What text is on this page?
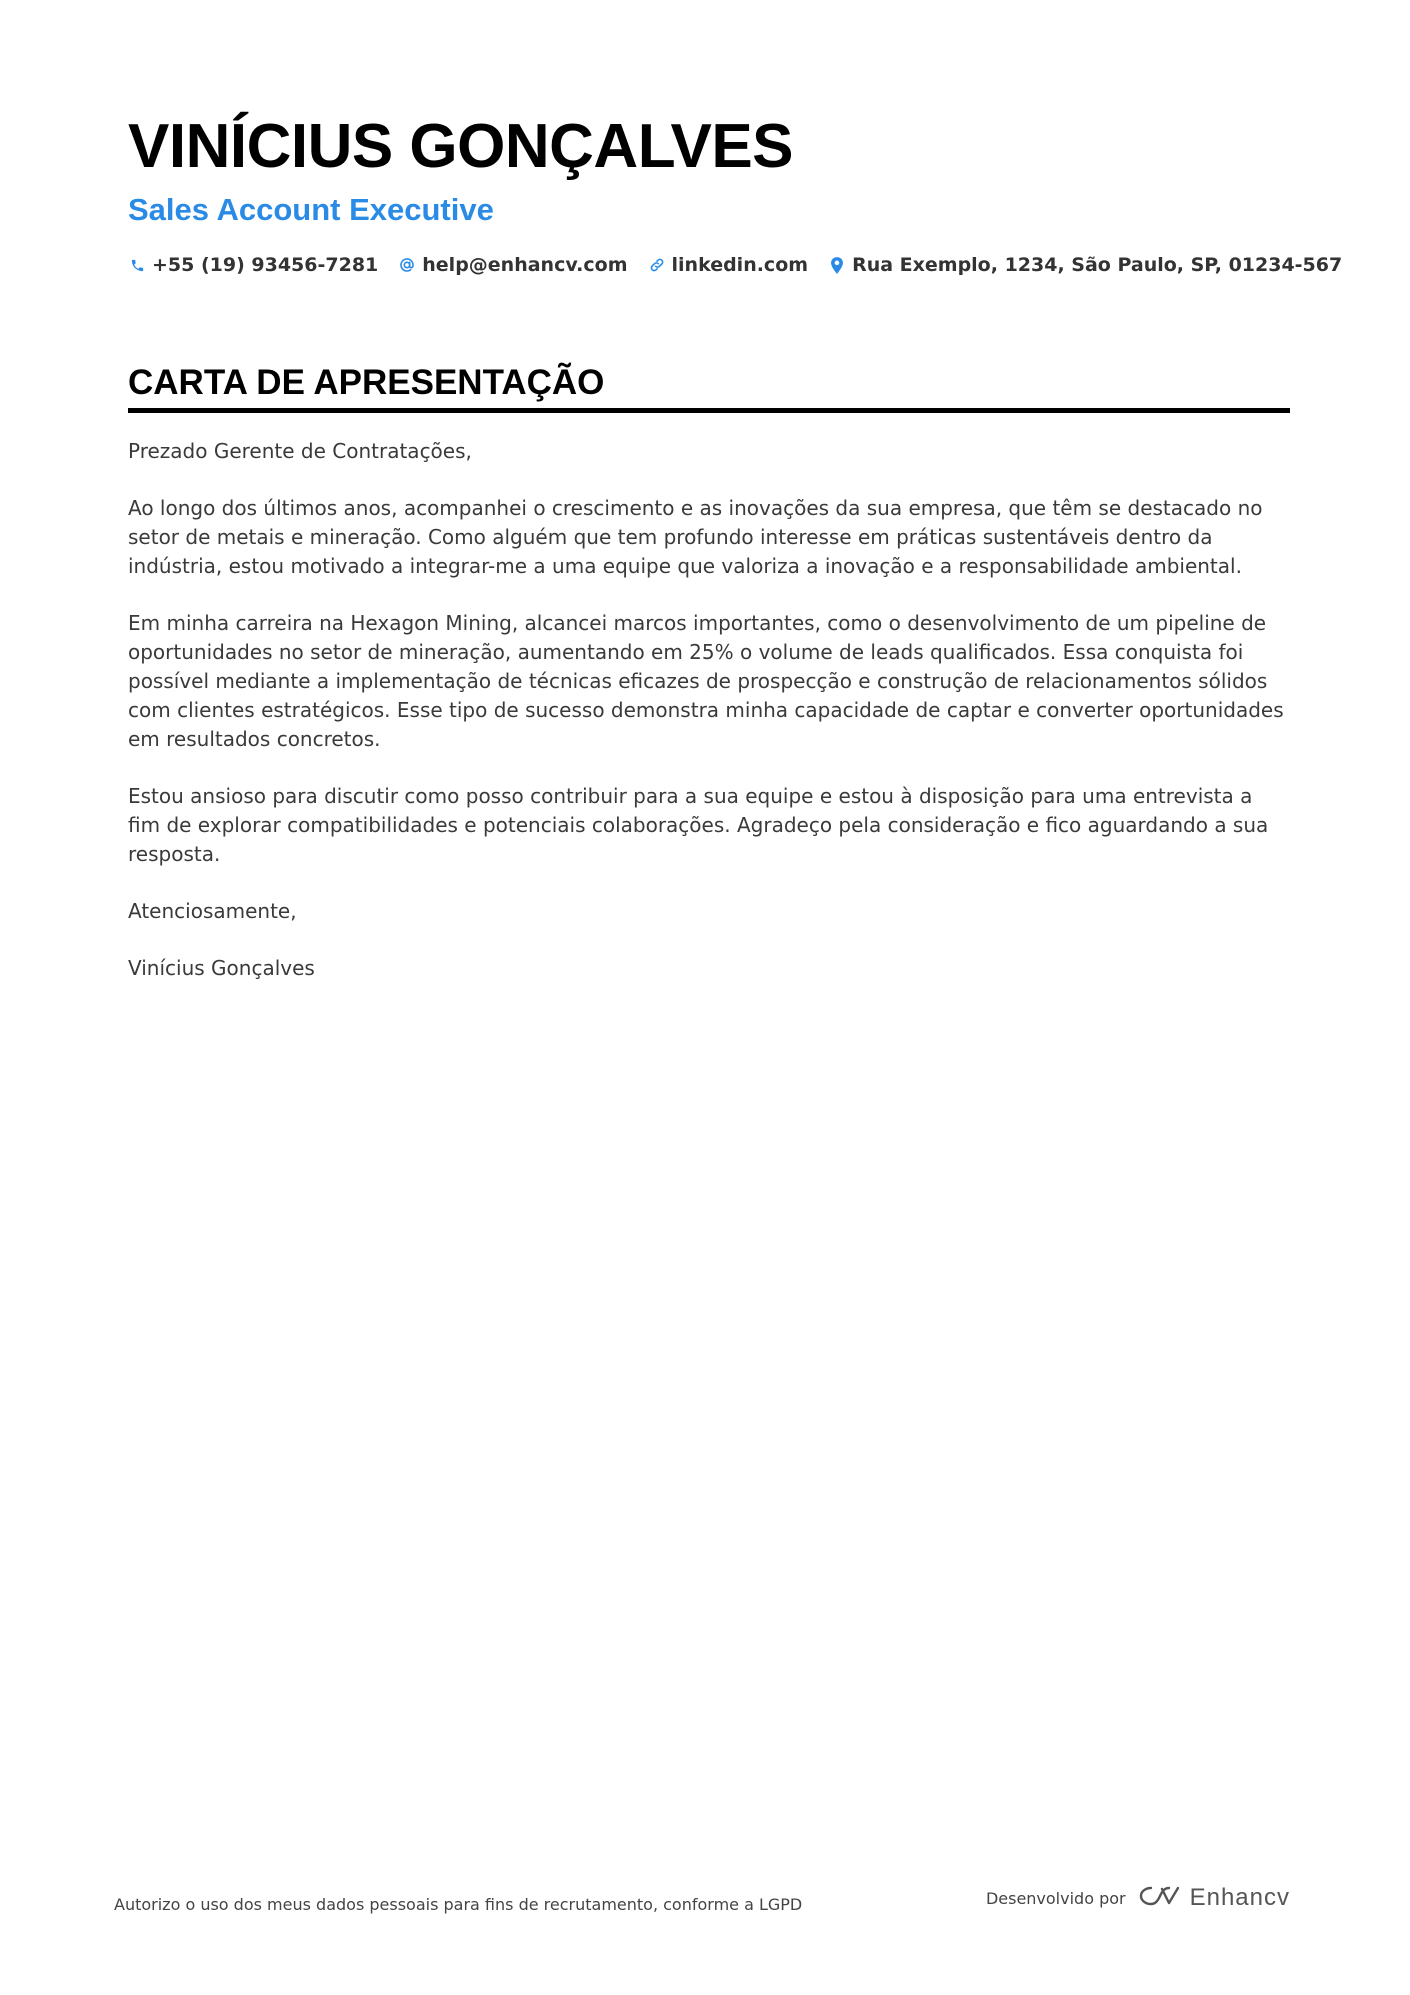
VINÍCIUS GONÇALVES
Sales Account Executive
+55 (19) 93456-7281 help@enhancv.com linkedin.com Rua Exemplo, 1234, São Paulo, SP, 01234-567
CARTA DE APRESENTAÇÃO

Prezado Gerente de Contratações,

Ao longo dos últimos anos, acompanhei o crescimento e as inovações da sua empresa, que têm se destacado no setor de metais e mineração. Como alguém que tem profundo interesse em práticas sustentáveis dentro da indústria, estou motivado a integrar-me a uma equipe que valoriza a inovação e a responsabilidade ambiental.

Em minha carreira na Hexagon Mining, alcancei marcos importantes, como o desenvolvimento de um pipeline de oportunidades no setor de mineração, aumentando em 25% o volume de leads qualificados. Essa conquista foi possível mediante a implementação de técnicas eficazes de prospecção e construção de relacionamentos sólidos com clientes estratégicos. Esse tipo de sucesso demonstra minha capacidade de captar e converter oportunidades em resultados concretos.

Estou ansioso para discutir como posso contribuir para a sua equipe e estou à disposição para uma entrevista a fim de explorar compatibilidades e potenciais colaborações. Agradeço pela consideração e fico aguardando a sua resposta.

Atenciosamente,

Vinícius Gonçalves

Autorizo o uso dos meus dados pessoais para fins de recrutamento, conforme a LGPD	Desenvolvido por	Enhancv
